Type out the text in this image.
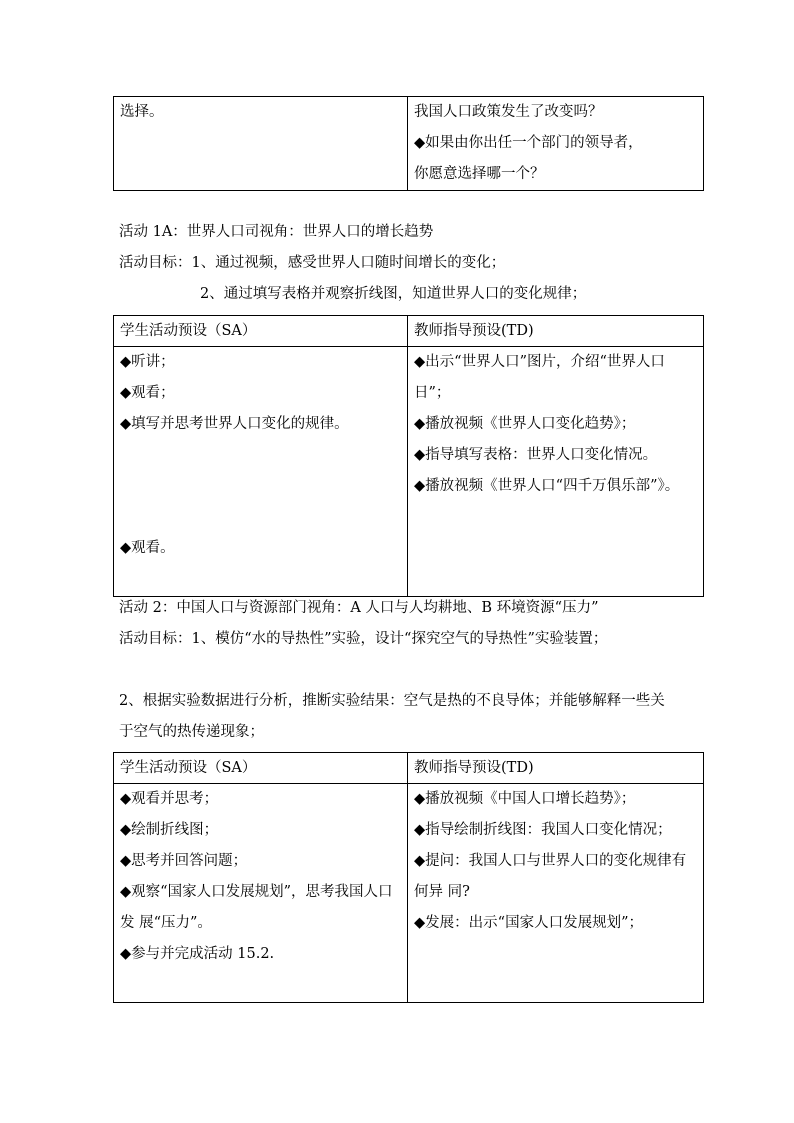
选择。	我国人口政策发生了改变吗？
◆如果由你出任一个部门的领导者，
你愿意选择哪一个？
活动 1A：世界人口司视角：世界人口的增长趋势
活动目标：1、通过视频，感受世界人口随时间增长的变化；
2、通过填写表格并观察折线图，知道世界人口的变化规律；
学生活动预设（SA）	教师指导预设(TD)

◆听讲；
◆观看；
◆填写并思考世界人口变化的规律。
◆观看。	◆出示“世界人口”图片，介绍“世界人口日”；
◆播放视频《世界人口变化趋势》；
◆指导填写表格：世界人口变化情况。
◆播放视频《世界人口“四千万俱乐部”》。
活动 2：中国人口与资源部门视角：A 人口与人均耕地、B 环境资源“压力”
活动目标：1、模仿“水的导热性”实验，设计“探究空气的导热性”实验装置；
2、根据实验数据进行分析，推断实验结果：空气是热的不良导体；并能够解释一些关 于空气的热传递现象；
学生活动预设（SA）	教师指导预设(TD)

◆观看并思考；
◆绘制折线图；
◆思考并回答问题；
◆观察“国家人口发展规划”，思考我国人口发 展“压力”。
◆参与并完成活动 15.2.	◆播放视频《中国人口增长趋势》；
◆指导绘制折线图：我国人口变化情况；
◆提问：我国人口与世界人口的变化规律有何异 同?
◆发展：出示“国家人口发展规划”；
